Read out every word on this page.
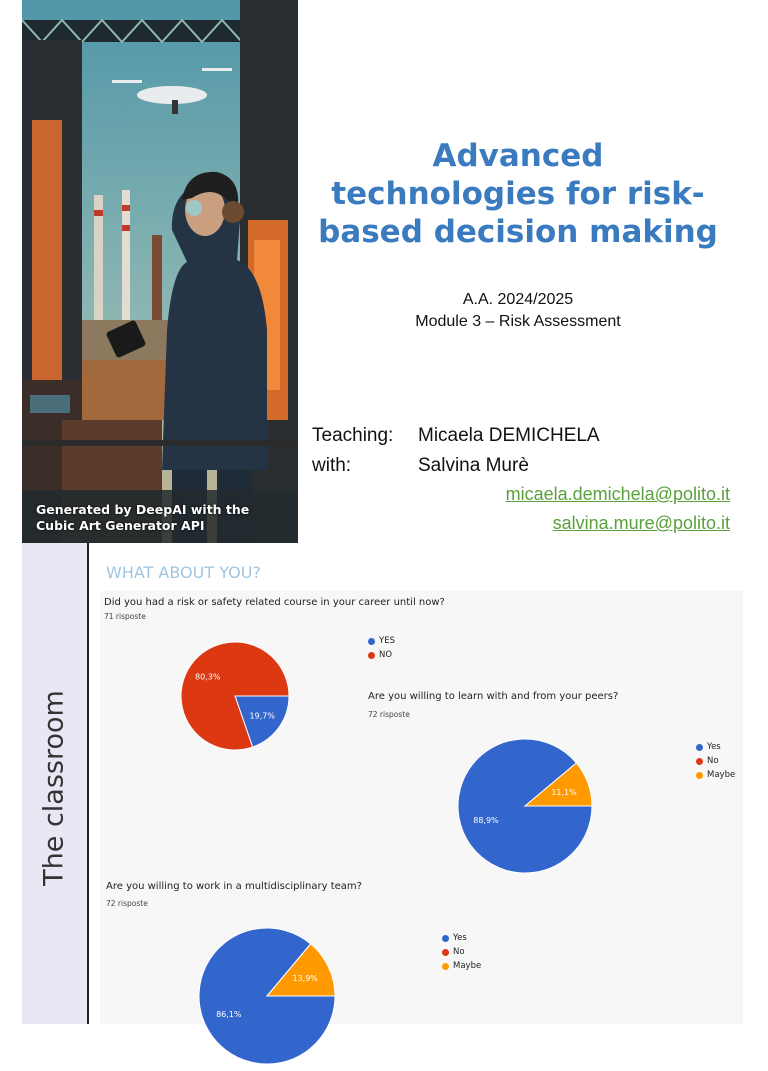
Generated by DeepAI with the Cubic Art Generator API
Advanced technologies for risk-based decision making
A.A. 2024/2025
Module 3 – Risk Assessment
Teaching: Micaela DEMICHELA
with:	Salvina Murè
micaela.demichela@polito.it
salvina.mure@polito.it
The classroom
WHAT ABOUT YOU?
Did you had a risk or safety related course in your career until now?
71 risposte
19,7%
80,3%
YES
NO
Are you willing to learn with and from your peers?
72 risposte
88,9%
11,1%
Yes
No
Maybe
Are you willing to work in a multidisciplinary team?
72 risposte
86,1%
13,9%
Yes
No
Maybe
